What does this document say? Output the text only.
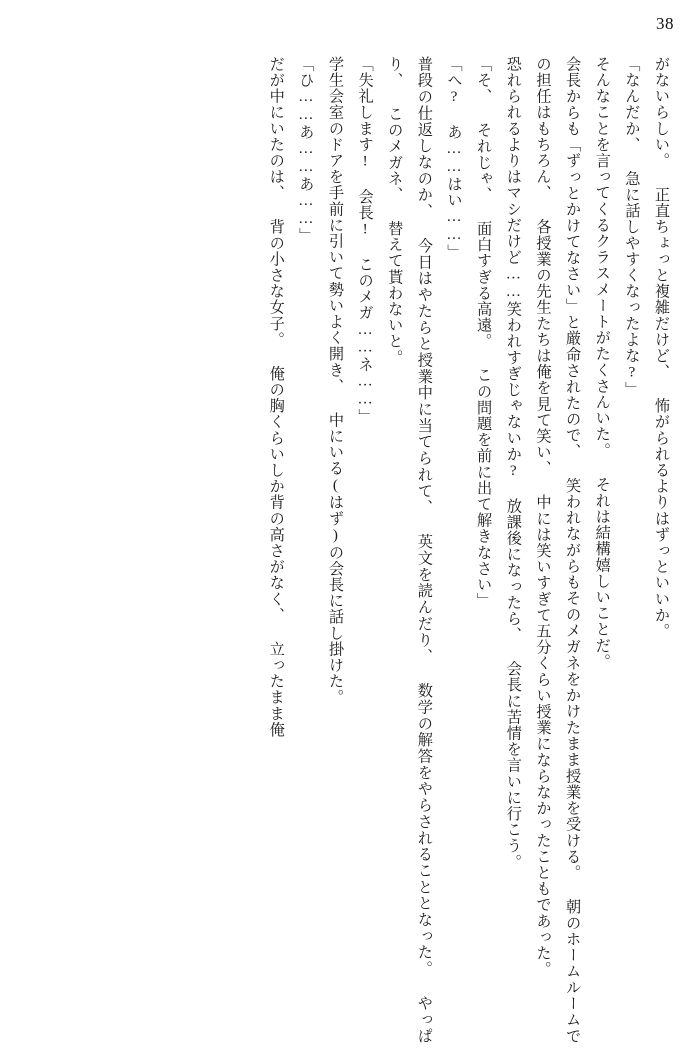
38

がないらしい。 正直ちょっと複雑だけど、 怖がられるよりはずっといいか。

「なんだか、 急に話しやすくなったよな?」

そんなことを言ってくるクラスメートがたくさんいた。 それは結構嬉しいことだ。

会長からも「ずっとかけてなさい」と厳命されたので、 笑われながらもそのメガネをかけたまま授業を受ける。 朝のホームルームでの担任はもちろん、 各授業の先生たちは俺を見て笑い、 中には笑いすぎて五分くらい授業にならなかったこともであった。

恐れられるよりはマシだけど……笑われすぎじゃないか? 放課後になったら、 会長に苦情を言いに行こう。

「そ、 それじゃ、 面白すぎる高遠。 この問題を前に出て解きなさい」

「へ? あ……はい……」

普段の仕返しなのか、 今日はやたらと授業中に当てられて、 英文を読んだり、 数学の解答をやらされることとなった。 やっぱり、 このメガネ、 替えて貰わないと。

「失礼します! 会長! このメガ……ネ……」

学生会室のドアを手前に引いて勢いよく開き、 中にいる(はず)の会長に話し掛けた。

「ひ……あ……あ……」

だが中にいたのは、 背の小さな女子。 俺の胸くらいしか背の高さがなく、 立ったまま俺
